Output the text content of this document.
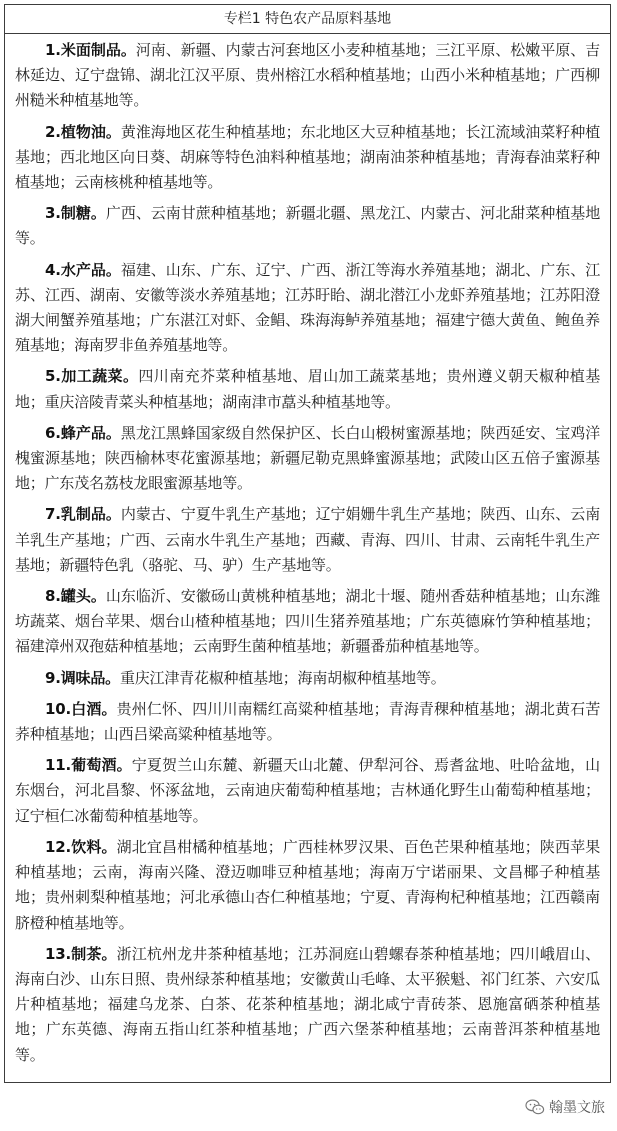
专栏1 特色农产品原料基地

1.米面制品。河南、新疆、内蒙古河套地区小麦种植基地；三江平原、松嫩平原、吉林延边、辽宁盘锦、湖北江汉平原、贵州榕江水稻种植基地；山西小米种植基地；广西柳州糙米种植基地等。

2.植物油。黄淮海地区花生种植基地；东北地区大豆种植基地；长江流域油菜籽种植基地；西北地区向日葵、胡麻等特色油料种植基地；湖南油茶种植基地；青海春油菜籽种植基地；云南核桃种植基地等。

3.制糖。广西、云南甘蔗种植基地；新疆北疆、黑龙江、内蒙古、河北甜菜种植基地等。

4.水产品。福建、山东、广东、辽宁、广西、浙江等海水养殖基地；湖北、广东、江苏、江西、湖南、安徽等淡水养殖基地；江苏盱眙、湖北潜江小龙虾养殖基地；江苏阳澄湖大闸蟹养殖基地；广东湛江对虾、金鲳、珠海海鲈养殖基地；福建宁德大黄鱼、鲍鱼养殖基地；海南罗非鱼养殖基地等。

5.加工蔬菜。四川南充芥菜种植基地、眉山加工蔬菜基地；贵州遵义朝天椒种植基地；重庆涪陵青菜头种植基地；湖南津市藠头种植基地等。

6.蜂产品。黑龙江黑蜂国家级自然保护区、长白山椴树蜜源基地；陕西延安、宝鸡洋槐蜜源基地；陕西榆林枣花蜜源基地；新疆尼勒克黑蜂蜜源基地；武陵山区五倍子蜜源基地；广东茂名荔枝龙眼蜜源基地等。

7.乳制品。内蒙古、宁夏牛乳生产基地；辽宁娟姗牛乳生产基地；陕西、山东、云南羊乳生产基地；广西、云南水牛乳生产基地；西藏、青海、四川、甘肃、云南牦牛乳生产基地；新疆特色乳（骆驼、马、驴）生产基地等。

8.罐头。山东临沂、安徽砀山黄桃种植基地；湖北十堰、随州香菇种植基地；山东潍坊蔬菜、烟台苹果、烟台山楂种植基地；四川生猪养殖基地；广东英德麻竹笋种植基地；福建漳州双孢菇种植基地；云南野生菌种植基地；新疆番茄种植基地等。

9.调味品。重庆江津青花椒种植基地；海南胡椒种植基地等。

10.白酒。贵州仁怀、四川川南糯红高粱种植基地；青海青稞种植基地；湖北黄石苦荞种植基地；山西吕梁高粱种植基地等。

11.葡萄酒。宁夏贺兰山东麓、新疆天山北麓、伊犁河谷、焉耆盆地、吐哈盆地，山东烟台，河北昌黎、怀涿盆地，云南迪庆葡萄种植基地；吉林通化野生山葡萄种植基地；辽宁桓仁冰葡萄种植基地等。

12.饮料。湖北宜昌柑橘种植基地；广西桂林罗汉果、百色芒果种植基地；陕西苹果种植基地；云南，海南兴隆、澄迈咖啡豆种植基地；海南万宁诺丽果、文昌椰子种植基地；贵州刺梨种植基地；河北承德山杏仁种植基地；宁夏、青海枸杞种植基地；江西赣南脐橙种植基地等。

13.制茶。浙江杭州龙井茶种植基地；江苏洞庭山碧螺春茶种植基地；四川峨眉山、海南白沙、山东日照、贵州绿茶种植基地；安徽黄山毛峰、太平猴魁、祁门红茶、六安瓜片种植基地；福建乌龙茶、白茶、花茶种植基地；湖北咸宁青砖茶、恩施富硒茶种植基地；广东英德、海南五指山红茶种植基地；广西六堡茶种植基地；云南普洱茶种植基地等。

翰墨文旅
